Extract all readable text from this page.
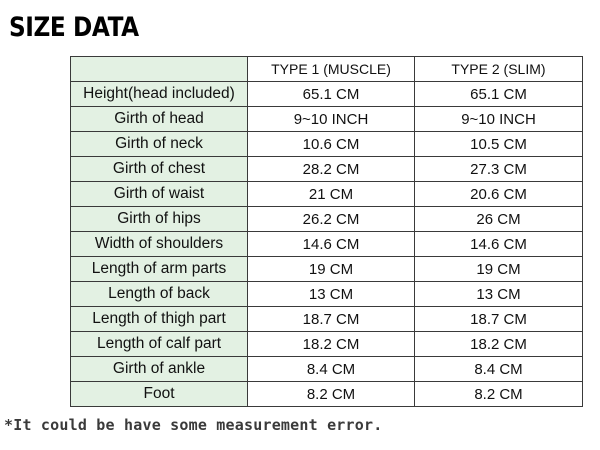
SIZE DATA
	TYPE 1 (MUSCLE)	TYPE 2 (SLIM)
Height(head included)	65.1 CM	65.1 CM
Girth of head	9~10 INCH	9~10 INCH
Girth of neck	10.6 CM	10.5 CM
Girth of chest	28.2 CM	27.3 CM
Girth of waist	21 CM	20.6 CM
Girth of hips	26.2 CM	26 CM
Width of shoulders	14.6 CM	14.6 CM
Length of arm parts	19 CM	19 CM
Length of back	13 CM	13 CM
Length of thigh part	18.7 CM	18.7 CM
Length of calf part	18.2 CM	18.2 CM
Girth of ankle	8.4 CM	8.4 CM
Foot	8.2 CM	8.2 CM

*It could be have some measurement error.
